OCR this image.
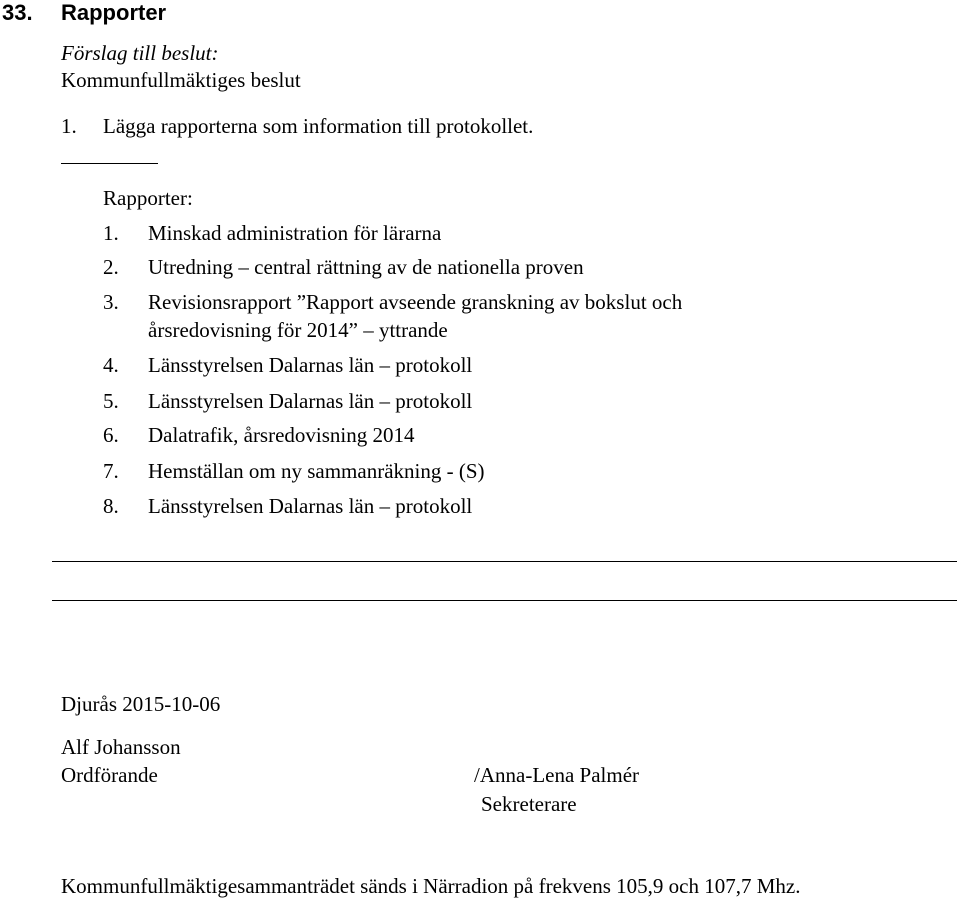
33. Rapporter
Förslag till beslut:
Kommunfullmäktiges beslut
1. Lägga rapporterna som information till protokollet.
Rapporter:
1. Minskad administration för lärarna
2. Utredning – central rättning av de nationella proven
3. Revisionsrapport ”Rapport avseende granskning av bokslut och
årsredovisning för 2014” – yttrande
4. Länsstyrelsen Dalarnas län – protokoll
5. Länsstyrelsen Dalarnas län – protokoll
6. Dalatrafik, årsredovisning 2014
7. Hemställan om ny sammanräkning - (S)
8. Länsstyrelsen Dalarnas län – protokoll
Djurås 2015-10-06
Alf Johansson
Ordförande	/Anna-Lena Palmér
Sekreterare
Kommunfullmäktigesammanträdet sänds i Närradion på frekvens 105,9 och 107,7 Mhz.
